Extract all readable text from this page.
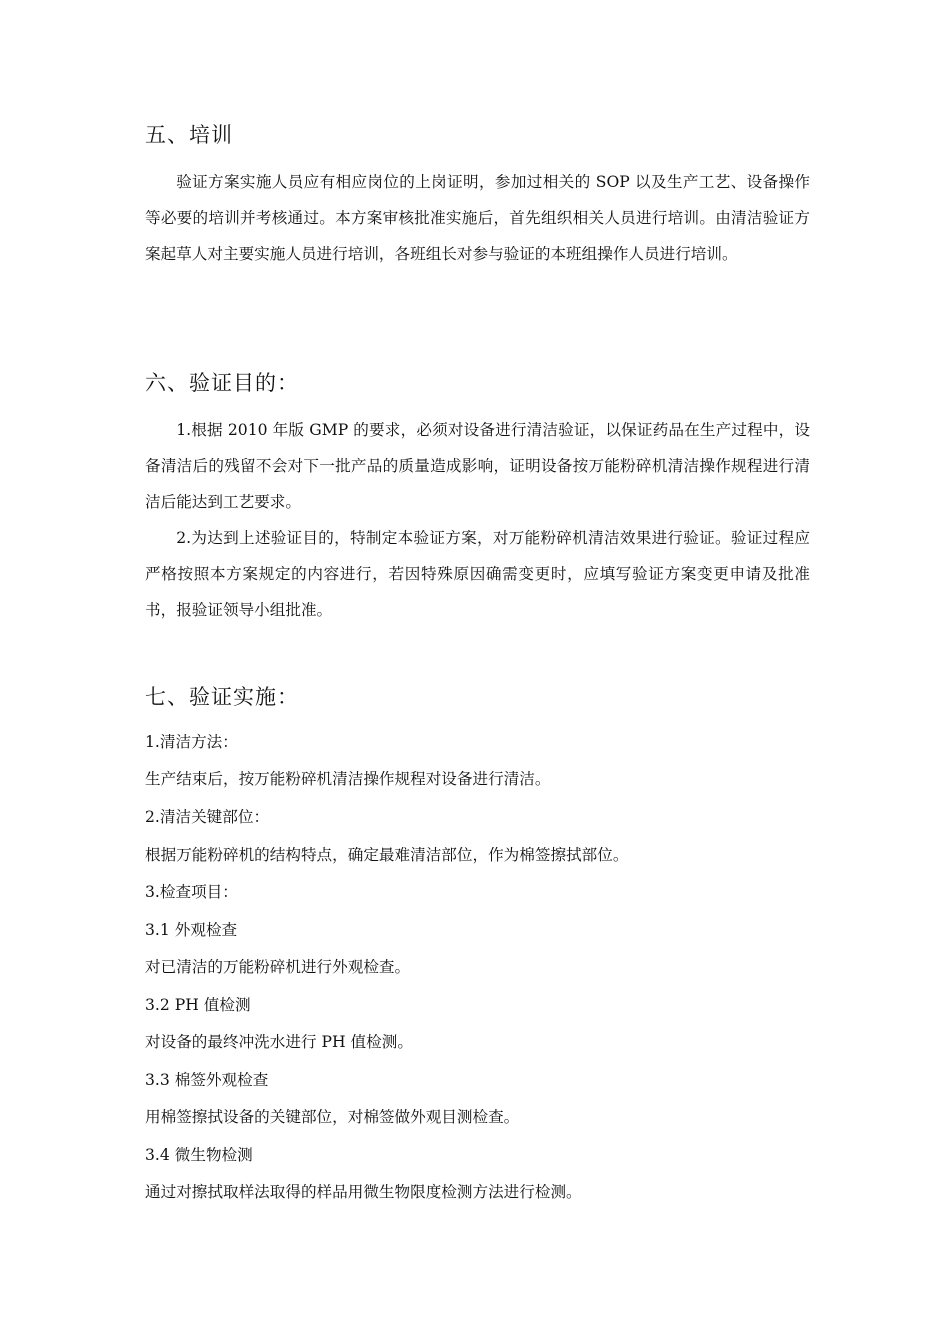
五、培训
验证方案实施人员应有相应岗位的上岗证明，参加过相关的 SOP 以及生产工艺、设备操作等必要的培训并考核通过。本方案审核批准实施后，首先组织相关人员进行培训。由清洁验证方案起草人对主要实施人员进行培训，各班组长对参与验证的本班组操作人员进行培训。
六、验证目的：
1.根据 2010 年版 GMP 的要求，必须对设备进行清洁验证，以保证药品在生产过程中，设备清洁后的残留不会对下一批产品的质量造成影响，证明设备按万能粉碎机清洁操作规程进行清洁后能达到工艺要求。
2.为达到上述验证目的，特制定本验证方案，对万能粉碎机清洁效果进行验证。验证过程应严格按照本方案规定的内容进行，若因特殊原因确需变更时，应填写验证方案变更申请及批准书，报验证领导小组批准。
七、验证实施：
1.清洁方法：
生产结束后，按万能粉碎机清洁操作规程对设备进行清洁。
2.清洁关键部位：
根据万能粉碎机的结构特点，确定最难清洁部位，作为棉签擦拭部位。
3.检查项目：
3.1 外观检查
对已清洁的万能粉碎机进行外观检查。
3.2 PH 值检测
对设备的最终冲洗水进行 PH 值检测。
3.3 棉签外观检查
用棉签擦拭设备的关键部位，对棉签做外观目测检查。
3.4 微生物检测
通过对擦拭取样法取得的样品用微生物限度检测方法进行检测。
